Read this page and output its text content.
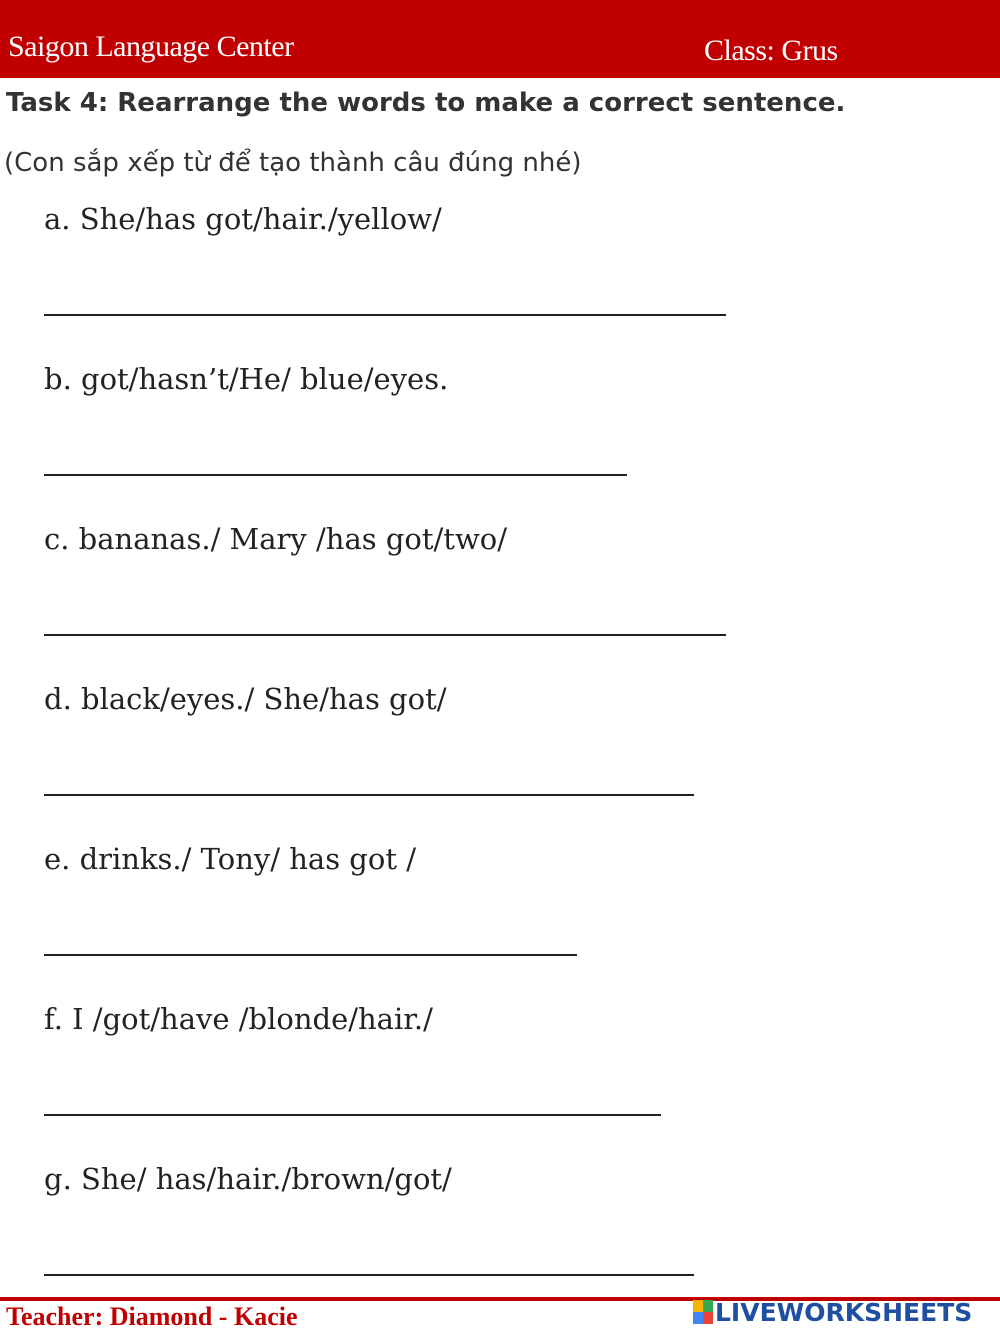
Saigon Language Center	Class: Grus
Task 4: Rearrange the words to make a correct sentence.
(Con sắp xếp từ để tạo thành câu đúng nhé)
a. She/has got/hair./yellow/
b. got/hasn’t/He/ blue/eyes.
c. bananas./ Mary /has got/two/
d. black/eyes./ She/has got/
e. drinks./ Tony/ has got /
f. I /got/have /blonde/hair./
g. She/ has/hair./brown/got/
Teacher: Diamond - Kacie	LIVEWORKSHEETS
